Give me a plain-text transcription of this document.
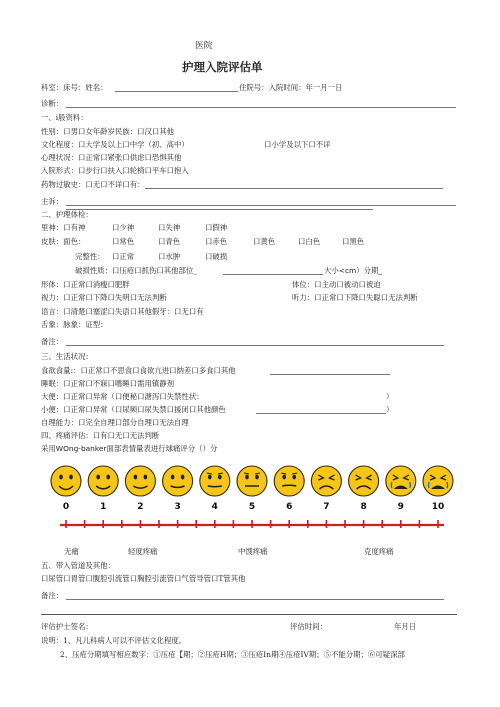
医院
护理入院评估单
科室：床号：姓名：	住院号：入院时间：年一月一日
诊断：
一、i般资料：
性别：口男口女年龄岁民族：口汉口其他
文化程度：口大学及以上口中学（初、高中）	口小学及以下口不详
心理状况：口正常口紧张口供虑口恐惧其他
入院形式：口步行口扶入口轮椅口平车口抱入
药物过敏史：口无口不详口有：
主诉：
二、护理体检：
里神：口有神	口少神	口失神	口假神
皮肤：面色：	口常色	口青色	口赤色	口黄色	口白色	口黑色
完整性： 口正常	口水肿	口破损
破损性质：口压疮口抓伤口其他部位_	大小<cm）分期_
形体：口正常口消瘦口肥胖	体位：口主动口被动口被迫
视力：口正常口下降口失明口无法判断	听力：口正常口下降口失聪口无法判断
语言：口清楚口塞涩口失语口其他假牙：口无口有
舌象：脉象：证型：
备注：
三、生活状况：
食欲食量:：口正常口不思食口食欲亢进口纳差口多食口其他
睡眠：口正常口不寐口嗜睡口需用镇静剂
大便：口正常口异常（口便秘口溏泻口失禁性状：	）
小便：口正常口异常（口尿频口尿失禁口援闭口其他颜色	）
自理能力：口完全自理口部分自理口无法自理
四、疼痛评估：口有口无口无法判断
采用WOng-banker面部表情量表进行球痛评分（）分
0	1	2	3	4	5	6	7	8	9	10
无痛	轻度疼痛	中馊疼痛	克度疼痛
五、带入管道及其他：
口尿管口胃管口腹腔引流管口胸腔引流管口气管导管口T管其他
备注：
评估护士签名：	评估时间：	年月日
说明：1、凡儿科病人可以不评估文化程度。
2、压疮分期填写相应数字：①压疮【期；②压疮H期；③压疮In期④压疮IV期；⑤不能分期；⑥可疑深部
